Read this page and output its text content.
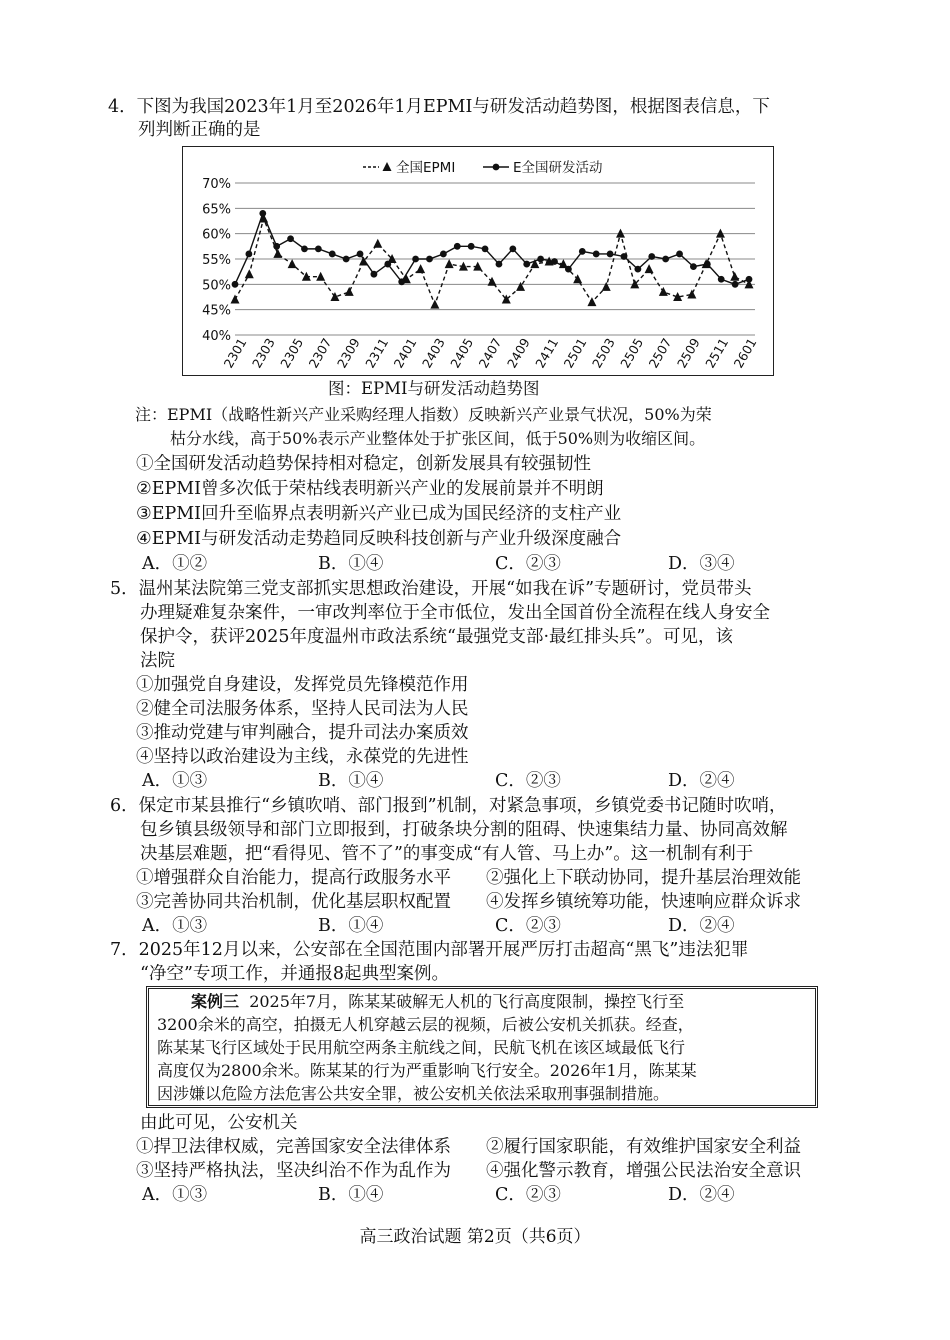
4．下图为我国2023年1月至2026年1月EPMI与研发活动趋势图，根据图表信息，下
列判断正确的是
70%
65%
60%
55%
50%
45%
40%
2301 2303 2305 2307 2309 2311 2401 2403 2405 2407 2409 2411 2501 2503 2505 2507 2509 2511 2601
全国EPMI	E全国研发活动
图：EPMI与研发活动趋势图
注：EPMI（战略性新兴产业采购经理人指数）反映新兴产业景气状况，50%为荣
枯分水线，高于50%表示产业整体处于扩张区间，低于50%则为收缩区间。
①全国研发活动趋势保持相对稳定，创新发展具有较强韧性
②EPMI曾多次低于荣枯线表明新兴产业的发展前景并不明朗
③EPMI回升至临界点表明新兴产业已成为国民经济的支柱产业
④EPMI与研发活动走势趋同反映科技创新与产业升级深度融合
A．①②	B．①④	C．②③	D．③④
5．温州某法院第三党支部抓实思想政治建设，开展“如我在诉”专题研讨，党员带头
办理疑难复杂案件，一审改判率位于全市低位，发出全国首份全流程在线人身安全
保护令，获评2025年度温州市政法系统“最强党支部·最红排头兵”。可见，该
法院
①加强党自身建设，发挥党员先锋模范作用
②健全司法服务体系，坚持人民司法为人民
③推动党建与审判融合，提升司法办案质效
④坚持以政治建设为主线，永葆党的先进性
A．①③	B．①④	C．②③	D．②④
6．保定市某县推行“乡镇吹哨、部门报到”机制，对紧急事项，乡镇党委书记随时吹哨，
包乡镇县级领导和部门立即报到，打破条块分割的阻碍、快速集结力量、协同高效解
决基层难题，把“看得见、管不了”的事变成“有人管、马上办”。这一机制有利于
①增强群众自治能力，提高行政服务水平 ②强化上下联动协同，提升基层治理效能
③完善协同共治机制，优化基层职权配置 ④发挥乡镇统筹功能，快速响应群众诉求
A．①③	B．①④	C．②③	D．②④
7．2025年12月以来，公安部在全国范围内部署开展严厉打击超高“黑飞”违法犯罪
“净空”专项工作，并通报8起典型案例。
案例三 2025年7月，陈某某破解无人机的飞行高度限制，操控飞行至
3200余米的高空，拍摄无人机穿越云层的视频，后被公安机关抓获。经查，
陈某某飞行区域处于民用航空两条主航线之间，民航飞机在该区域最低飞行
高度仅为2800余米。陈某某的行为严重影响飞行安全。2026年1月，陈某某
因涉嫌以危险方法危害公共安全罪，被公安机关依法采取刑事强制措施。
由此可见，公安机关
①捍卫法律权威，完善国家安全法律体系 ②履行国家职能，有效维护国家安全利益
③坚持严格执法，坚决纠治不作为乱作为 ④强化警示教育，增强公民法治安全意识
A．①③	B．①④	C．②③	D．②④
高三政治试题 第2页（共6页）
